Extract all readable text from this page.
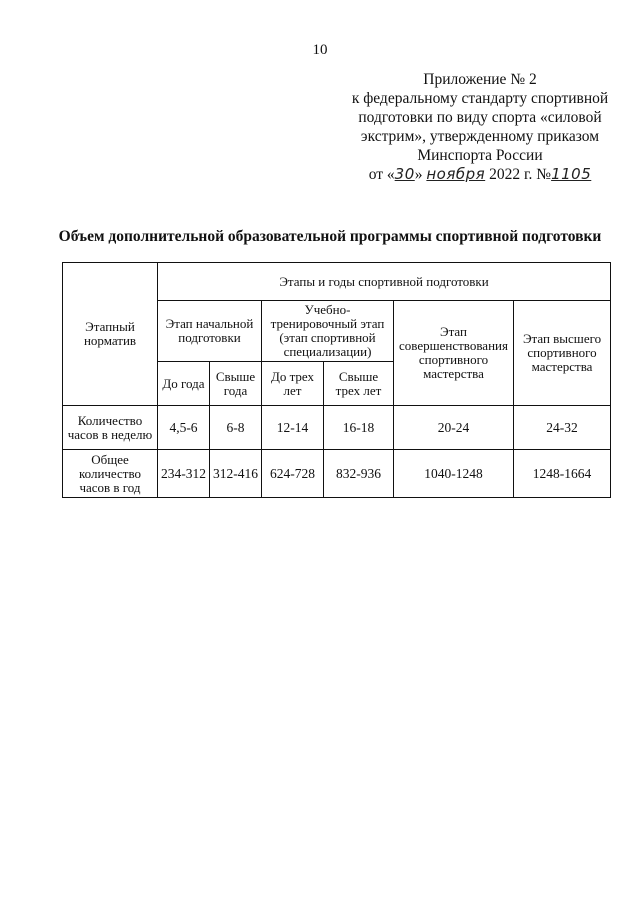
10
Приложение № 2
к федеральному стандарту спортивной
подготовки по виду спорта «силовой
экстрим», утвержденному приказом
Минспорта России
от «30» ноября 2022 г. №1105
Объем дополнительной образовательной программы спортивной подготовки
Этапный норматив	Этапы и годы спортивной подготовки					
	Этап начальной подготовки		Учебно-тренировочный этап (этап спортивной специализации)		Этап совершенствования спортивного мастерства	Этап высшего спортивного мастерства
	До года	Свыше года	До трех лет	Свыше трех лет		
Количество часов в неделю	4,5-6	6-8	12-14	16-18	20-24	24-32
Общее количество часов в год	234-312	312-416	624-728	832-936	1040-1248	1248-1664
